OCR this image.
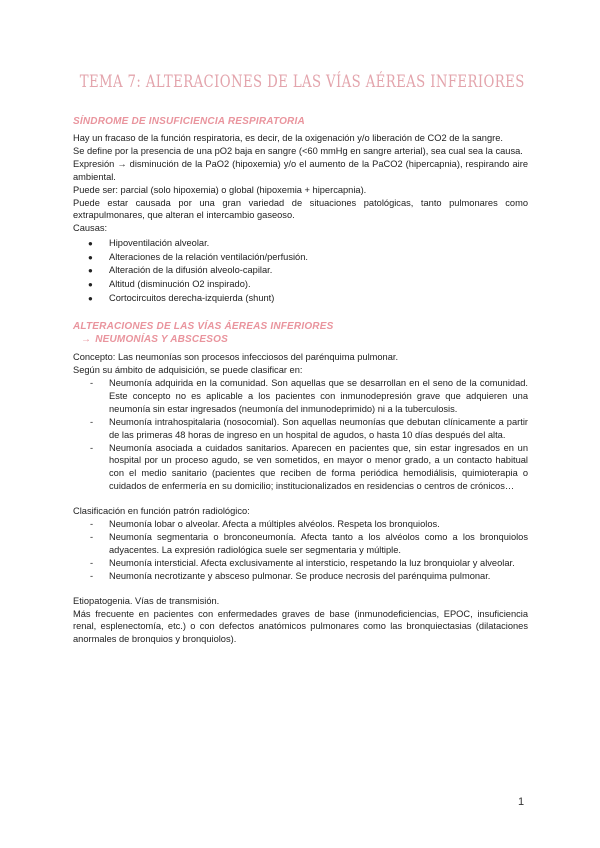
TEMA 7: ALTERACIONES DE LAS VÍAS AÉREAS INFERIORES
SÍNDROME DE INSUFICIENCIA RESPIRATORIA

Hay un fracaso de la función respiratoria, es decir, de la oxigenación y/o liberación de CO2 de la sangre.

Se define por la presencia de una pO2 baja en sangre (<60 mmHg en sangre arterial), sea cual sea la causa.

Expresión → disminución de la PaO2 (hipoxemia) y/o el aumento de la PaCO2 (hipercapnia), respirando aire ambiental.

Puede ser: parcial (solo hipoxemia) o global (hipoxemia + hipercapnia).

Puede estar causada por una gran variedad de situaciones patológicas, tanto pulmonares como extrapulmonares, que alteran el intercambio gaseoso.

Causas:

● Hipoventilación alveolar.
● Alteraciones de la relación ventilación/perfusión.
● Alteración de la difusión alveolo-capilar.
● Altitud (disminución O2 inspirado).
● Cortocircuitos derecha-izquierda (shunt)
ALTERACIONES DE LAS VÍAS ÁEREAS INFERIORES
→ NEUMONÍAS Y ABSCESOS

Concepto: Las neumonías son procesos infecciosos del parénquima pulmonar.

Según su ámbito de adquisición, se puede clasificar en:

- Neumonía adquirida en la comunidad. Son aquellas que se desarrollan en el seno de la comunidad. Este concepto no es aplicable a los pacientes con inmunodepresión grave que adquieren una neumonía sin estar ingresados (neumonía del inmunodeprimido) ni a la tuberculosis.
- Neumonía intrahospitalaria (nosocomial). Son aquellas neumonías que debutan clínicamente a partir de las primeras 48 horas de ingreso en un hospital de agudos, o hasta 10 días después del alta.
- Neumonía asociada a cuidados sanitarios. Aparecen en pacientes que, sin estar ingresados en un hospital por un proceso agudo, se ven sometidos, en mayor o menor grado, a un contacto habitual con el medio sanitario (pacientes que reciben de forma periódica hemodiálisis, quimioterapia o cuidados de enfermería en su domicilio; institucionalizados en residencias o centros de crónicos…

Clasificación en función patrón radiológico:

- Neumonía lobar o alveolar. Afecta a múltiples alvéolos. Respeta los bronquiolos.
- Neumonía segmentaria o bronconeumonía. Afecta tanto a los alvéolos como a los bronquiolos adyacentes. La expresión radiológica suele ser segmentaria y múltiple.
- Neumonía intersticial. Afecta exclusivamente al intersticio, respetando la luz bronquiolar y alveolar.
- Neumonía necrotizante y absceso pulmonar. Se produce necrosis del parénquima pulmonar.

Etiopatogenia. Vías de transmisión.

Más frecuente en pacientes con enfermedades graves de base (inmunodeficiencias, EPOC, insuficiencia renal, esplenectomía, etc.) o con defectos anatómicos pulmonares como las bronquiectasias (dilataciones anormales de bronquios y bronquiolos).

1
